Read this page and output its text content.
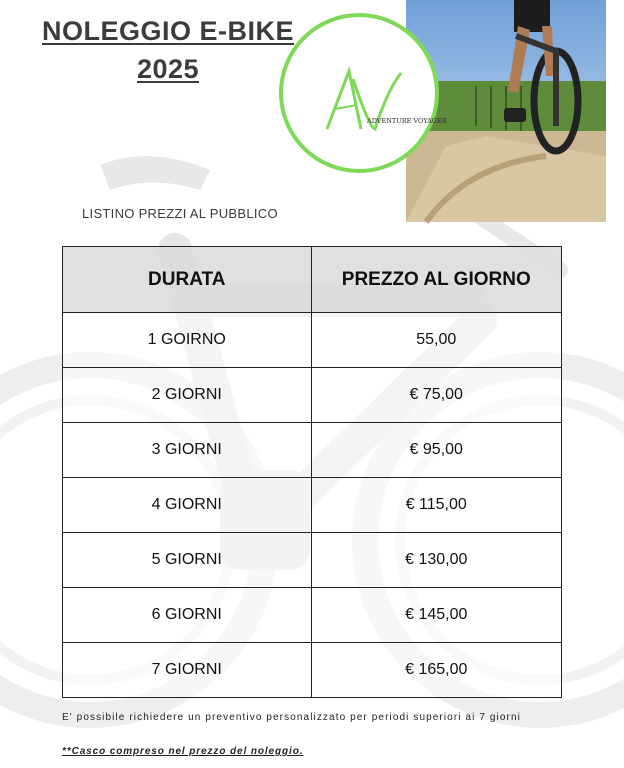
NOLEGGIO E-BIKE
2025
ADVENTURE VOYAGER
LISTINO PREZZI AL PUBBLICO
DURATA	PREZZO AL GIORNO
1 GOIRNO	55,00
2 GIORNI	€ 75,00
3 GIORNI	€ 95,00
4 GIORNI	€ 115,00
5 GIORNI	€ 130,00
6 GIORNI	€ 145,00
7 GIORNI	€ 165,00
E' possibile richiedere un preventivo personalizzato per periodi superiori ai 7 giorni
**Casco compreso nel prezzo del noleggio.
